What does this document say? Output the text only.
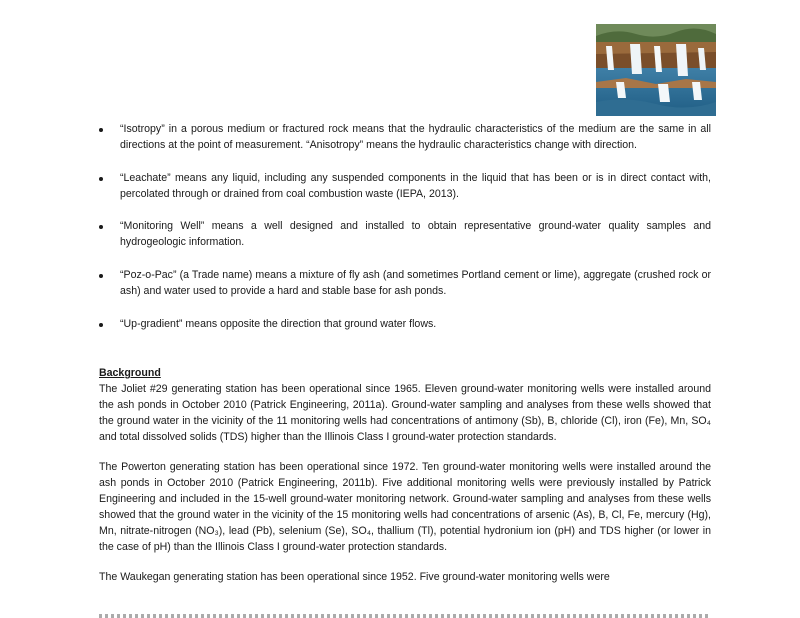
“Isotropy” in a porous medium or fractured rock means that the hydraulic characteristics of the medium are the same in all directions at the point of measurement. “Anisotropy” means the hydraulic characteristics change with direction.
“Leachate” means any liquid, including any suspended components in the liquid that has been or is in direct contact with, percolated through or drained from coal combustion waste (IEPA, 2013).
“Monitoring Well” means a well designed and installed to obtain representative ground-water quality samples and hydrogeologic information.
“Poz-o-Pac” (a Trade name) means a mixture of fly ash (and sometimes Portland cement or lime), aggregate (crushed rock or ash) and water used to provide a hard and stable base for ash ponds.
“Up-gradient” means opposite the direction that ground water flows.

Background

The Joliet #29 generating station has been operational since 1965. Eleven ground-water monitoring wells were installed around the ash ponds in October 2010 (Patrick Engineering, 2011a). Ground-water sampling and analyses from these wells showed that the ground water in the vicinity of the 11 monitoring wells had concentrations of antimony (Sb), B, chloride (Cl), iron (Fe), Mn, SO₄ and total dissolved solids (TDS) higher than the Illinois Class I ground-water protection standards.

The Powerton generating station has been operational since 1972. Ten ground-water monitoring wells were installed around the ash ponds in October 2010 (Patrick Engineering, 2011b). Five additional monitoring wells were previously installed by Patrick Engineering and included in the 15-well ground-water monitoring network. Ground-water sampling and analyses from these wells showed that the ground water in the vicinity of the 15 monitoring wells had concentrations of arsenic (As), B, Cl, Fe, mercury (Hg), Mn, nitrate-nitrogen (NO₃), lead (Pb), selenium (Se), SO₄, thallium (Tl), potential hydronium ion (pH) and TDS higher (or lower in the case of pH) than the Illinois Class I ground-water protection standards.

The Waukegan generating station has been operational since 1952. Five ground-water monitoring wells were
